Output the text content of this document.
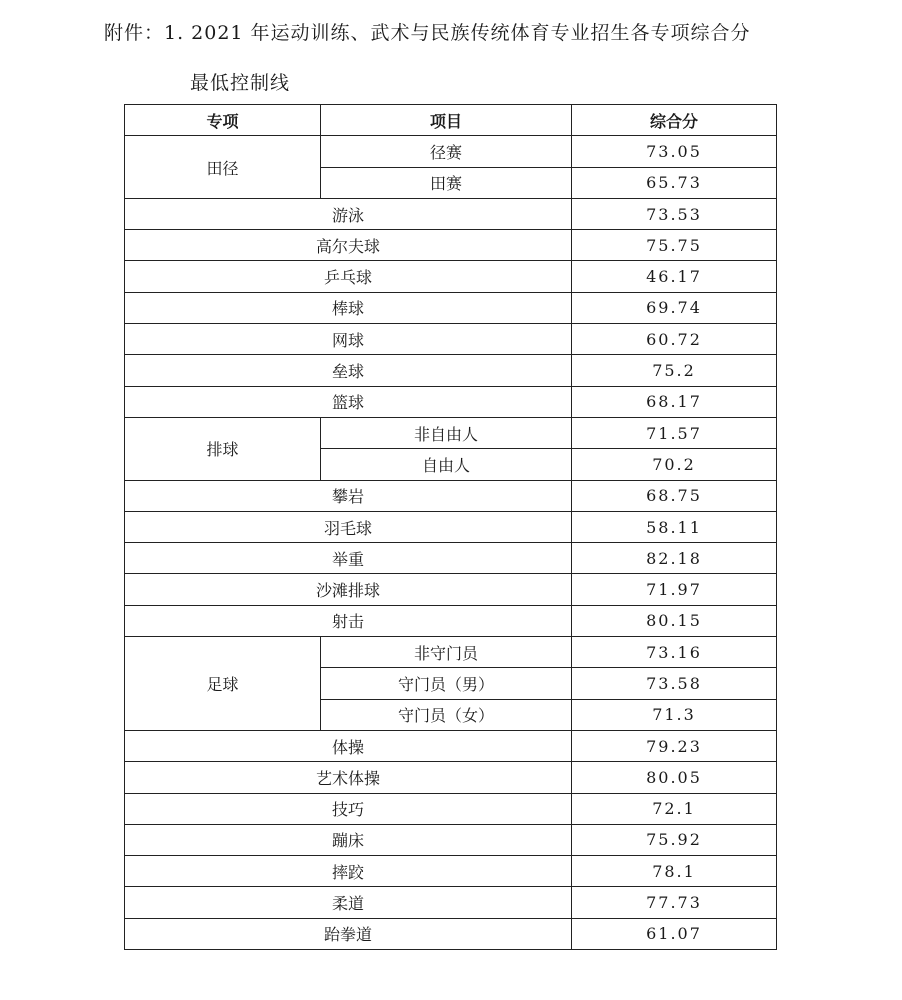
附件：1. 2021 年运动训练、武术与民族传统体育专业招生各专项综合分
最低控制线
专项	项目	综合分
田径	径赛	73.05
	田赛	65.73
游泳		73.53
高尔夫球		75.75
乒乓球		46.17
棒球		69.74
网球		60.72
垒球		75.2
篮球		68.17
排球	非自由人	71.57
	自由人	70.2
攀岩		68.75
羽毛球		58.11
举重		82.18
沙滩排球		71.97
射击		80.15
足球	非守门员	73.16
	守门员（男）	73.58
	守门员（女）	71.3
体操		79.23
艺术体操		80.05
技巧		72.1
蹦床		75.92
摔跤		78.1
柔道		77.73
跆拳道		61.07
